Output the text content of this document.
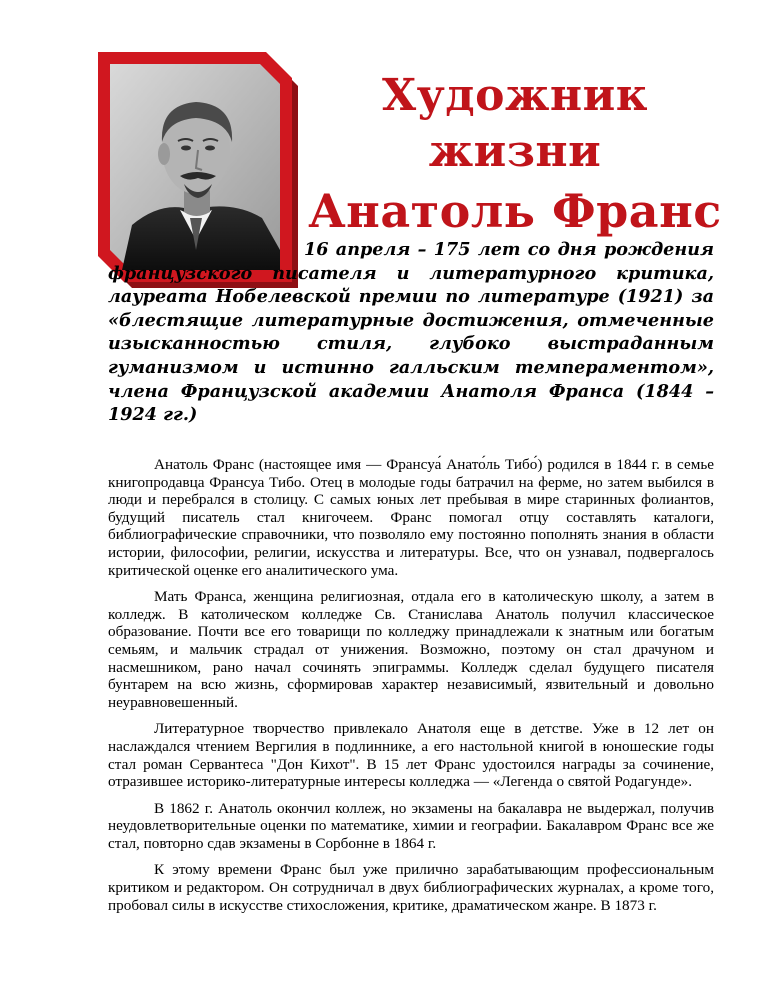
Художник
жизни
Анатоль Франс
16 апреля – 175 лет со дня рождения французского писателя и литературного критика, лауреата Нобелевской премии по литературе (1921) за «блестящие литературные достижения, отмеченные изысканностью стиля, глубоко выстраданным гуманизмом и истинно галльским темпераментом», члена Французской академии Анатоля Франса (1844 – 1924 гг.)

Анатоль Франс (настоящее имя — Франсуа́ Анато́ль Тибо́) родился в 1844 г. в семье книгопродавца Франсуа Тибо. Отец в молодые годы батрачил на ферме, но затем выбился в люди и перебрался в столицу. С самых юных лет пребывая в мире старинных фолиантов, будущий писатель стал книгочеем. Франс помогал отцу составлять каталоги, библиографические справочники, что позволяло ему постоянно пополнять знания в области истории, философии, религии, искусства и литературы. Все, что он узнавал, подвергалось критической оценке его аналитического ума.

Мать Франса, женщина религиозная, отдала его в католическую школу, а затем в колледж. В католическом колледже Св. Станислава Анатоль получил классическое образование. Почти все его товарищи по колледжу принадлежали к знатным или богатым семьям, и мальчик страдал от унижения. Возможно, поэтому он стал драчуном и насмешником, рано начал сочинять эпиграммы. Колледж сделал будущего писателя бунтарем на всю жизнь, сформировав характер независимый, язвительный и довольно неуравновешенный.

Литературное творчество привлекало Анатоля еще в детстве. Уже в 12 лет он наслаждался чтением Вергилия в подлиннике, а его настольной книгой в юношеские годы стал роман Сервантеса "Дон Кихот". В 15 лет Франс удостоился награды за сочинение, отразившее историко-литературные интересы колледжа — «Легенда о святой Родагунде».

В 1862 г. Анатоль окончил коллеж, но экзамены на бакалавра не выдержал, получив неудовлетворительные оценки по математике, химии и географии. Бакалавром Франс все же стал, повторно сдав экзамены в Сорбонне в 1864 г.

К этому времени Франс был уже прилично зарабатывающим профессиональным критиком и редактором. Он сотрудничал в двух библиографических журналах, а кроме того, пробовал силы в искусстве стихосложения, критике, драматическом жанре. В 1873 г.
